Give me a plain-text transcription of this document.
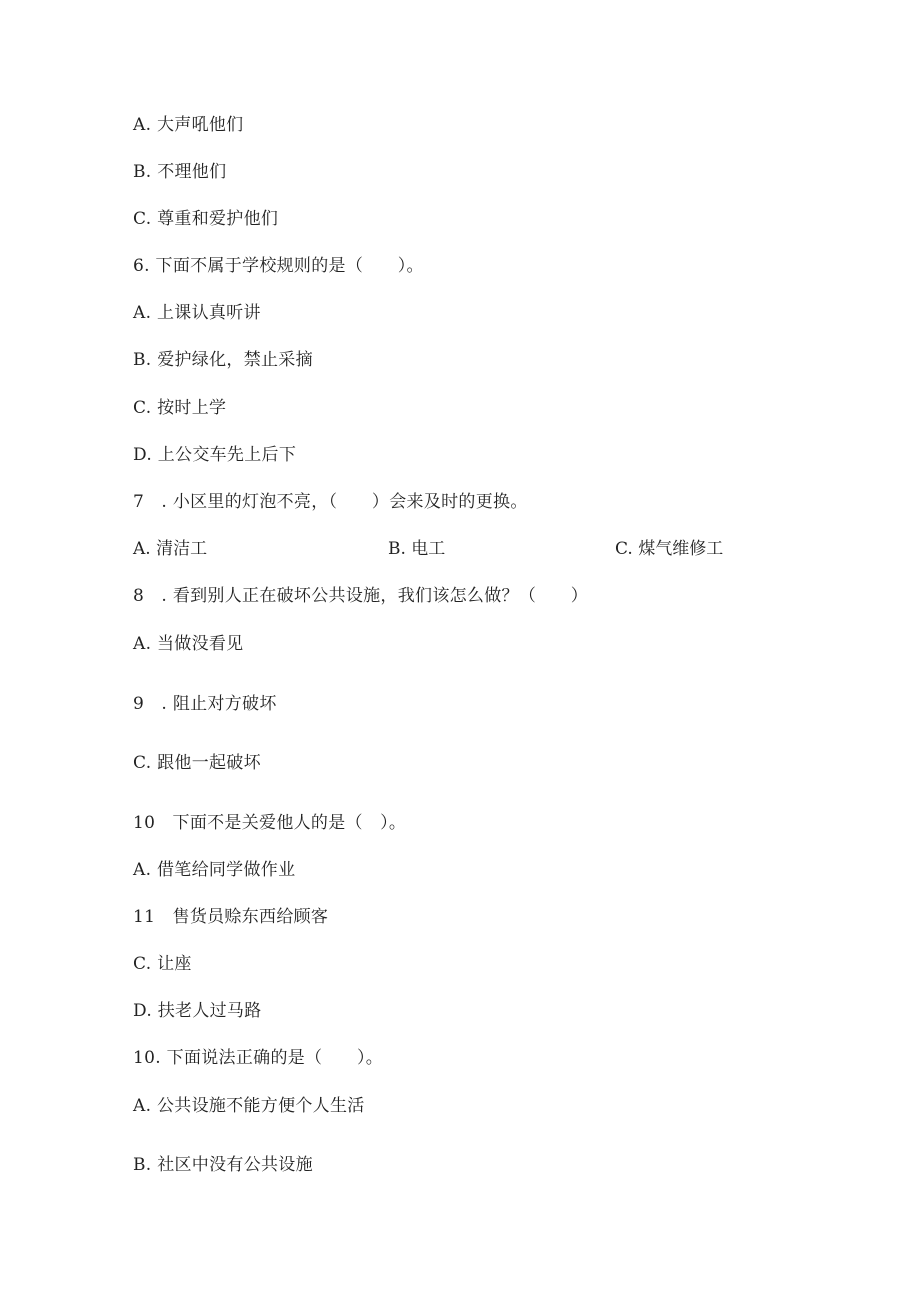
A. 大声吼他们
B. 不理他们
C. 尊重和爱护他们
6. 下面不属于学校规则的是（　　）。
A. 上课认真听讲
B. 爱护绿化，禁止采摘
C. 按时上学
D. 上公交车先上后下
7　. 小区里的灯泡不亮，（　　）会来及时的更换。

A. 清洁工

	B. 电工

	C. 煤气维修工

8　. 看到别人正在破坏公共设施，我们该怎么做？（　　）
A. 当做没看见
9　. 阻止对方破坏
C. 跟他一起破坏
10　下面不是关爱他人的是（　）。
A. 借笔给同学做作业
11　售货员赊东西给顾客
C. 让座
D. 扶老人过马路
10. 下面说法正确的是（　　）。
A. 公共设施不能方便个人生活
B. 社区中没有公共设施
